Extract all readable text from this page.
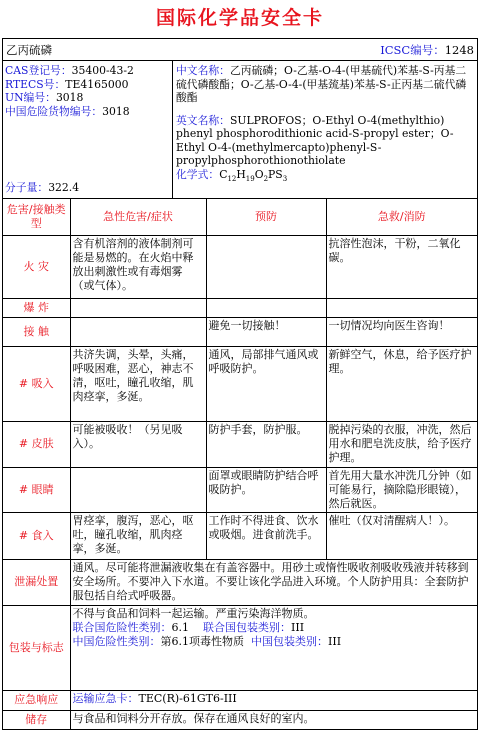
国际化学品安全卡
乙丙硫磷	ICSC编号：1248
CAS登记号：35400-43-2
RTECS号：TE4165000
UN编号：3018
中国危险货物编号：3018
分子量：322.4
中文名称：乙丙硫磷；O-乙基-O-4-(甲基硫代)苯基-S-丙基二硫代磷酸酯；O-乙基-O-4-(甲基巯基)苯基-S-正丙基二硫代磷酸酯
英文名称：SULPROFOS；O-Ethyl O-4(methylthio) phenyl phosphorodithionic acid-S-propyl ester；O-Ethyl O-4-(methylmercapto)phenyl-S-propylphosphorothionothiolate
化学式：$C_{12}H_{19}O_2PS_3$
危害/接触类型	急性危害/症状	预防	急救/消防
火 灾	含有机溶剂的液体制剂可能是易燃的。在火焰中释放出刺激性或有毒烟雾（或气体）。		抗溶性泡沫，干粉，二氧化碳。
爆 炸			
接 触		避免一切接触！	一切情况均向医生咨询！
# 吸入	共济失调，头晕，头痛，呼吸困难，恶心，神志不清，呕吐，瞳孔收缩，肌肉痉挛，多涎。	通风，局部排气通风或呼吸防护。	新鲜空气，休息，给予医疗护理。
# 皮肤	可能被吸收！（另见吸入）。	防护手套，防护服。	脱掉污染的衣服，冲洗，然后用水和肥皂洗皮肤，给予医疗护理。
# 眼睛		面罩或眼睛防护结合呼吸防护。	首先用大量水冲洗几分钟（如可能易行，摘除隐形眼镜），然后就医。
# 食入	胃痉挛，腹泻，恶心，呕吐，瞳孔收缩，肌肉痉挛，多涎。	工作时不得进食、饮水或吸烟。进食前洗手。	催吐（仅对清醒病人！）。
泄漏处置	通风。尽可能将泄漏液收集在有盖容器中。用砂土或惰性吸收剂吸收残液并转移到安全场所。不要冲入下水道。不要让该化学品进入环境。个人防护用具：全套防护服包括自给式呼吸器。		
包装与标志	不得与食品和饲料一起运输。严重污染海洋物质。
联合国危险性类别：6.1 联合国包装类别：III
中国危险性类别：第6.1项毒性物质 中国包装类别：III		

应急响应	运输应急卡：TEC(R)-61GT6-III		
储存	与食品和饲料分开存放。保存在通风良好的室内。		
